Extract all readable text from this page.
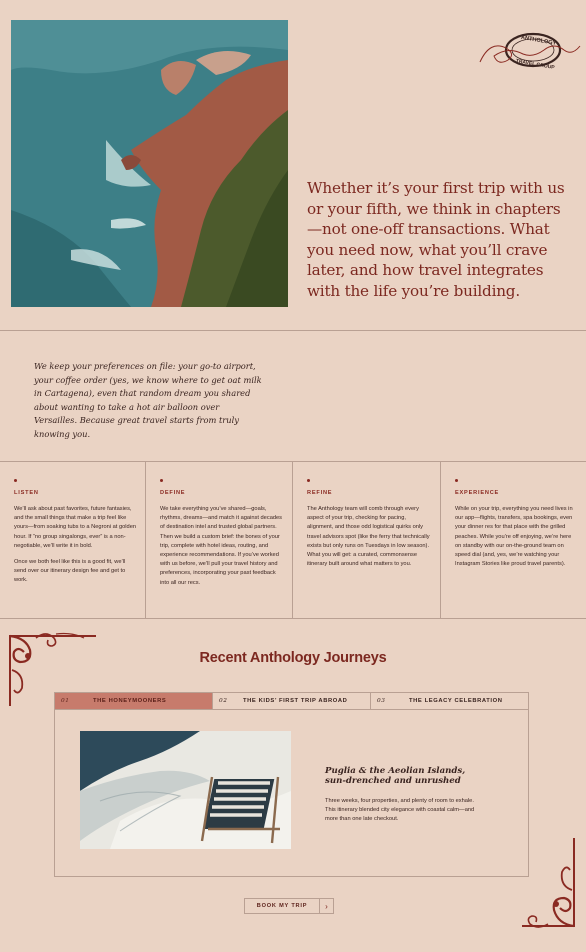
ANTHOLOGY
TRAVEL GROUP

Whether it’s your first trip with us or your fifth, we think in chapters—not one-off transactions. What you need now, what you’ll crave later, and how travel integrates with the life you’re building.

We keep your preferences on file: your go-to airport, your coffee order (yes, we know where to get oat milk in Cartagena), even that random dream you shared about wanting to take a hot air balloon over Versailles. Because great travel starts from truly knowing you.

LISTEN

We’ll ask about past favorites, future fantasies, and the small things that make a trip feel like yours—from soaking tubs to a Negroni at golden hour. If “no group singalongs, ever” is a non-negotiable, we’ll write it in bold.

Once we both feel like this is a good fit, we’ll send over our itinerary design fee and get to work.

DEFINE

We take everything you’ve shared—goals, rhythms, dreams—and match it against decades of destination intel and trusted global partners. Then we build a custom brief: the bones of your trip, complete with hotel ideas, routing, and experience recommendations. If you’ve worked with us before, we’ll pull your travel history and preferences, incorporating your past feedback into all our recs.

REFINE

The Anthology team will comb through every aspect of your trip, checking for pacing, alignment, and those odd logistical quirks only travel advisors spot (like the ferry that technically exists but only runs on Tuesdays in low season). What you will get: a curated, commonsense itinerary built around what matters to you.

EXPERIENCE

While on your trip, everything you need lives in our app—flights, transfers, spa bookings, even your dinner res for that place with the grilled peaches. While you’re off enjoying, we’re here on standby with our on-the-ground team on speed dial (and, yes, we’re watching your Instagram Stories like proud travel parents).

Recent Anthology Journeys
01	THE HONEYMOONERS	02	THE KIDS’ FIRST TRIP ABROAD	03	THE LEGACY CELEBRATION
Puglia & the Aeolian Islands,
sun-drenched and unrushed

Three weeks, four properties, and plenty of room to exhale. This itinerary blended city elegance with coastal calm—and more than one late checkout.

BOOK MY TRIP	›
